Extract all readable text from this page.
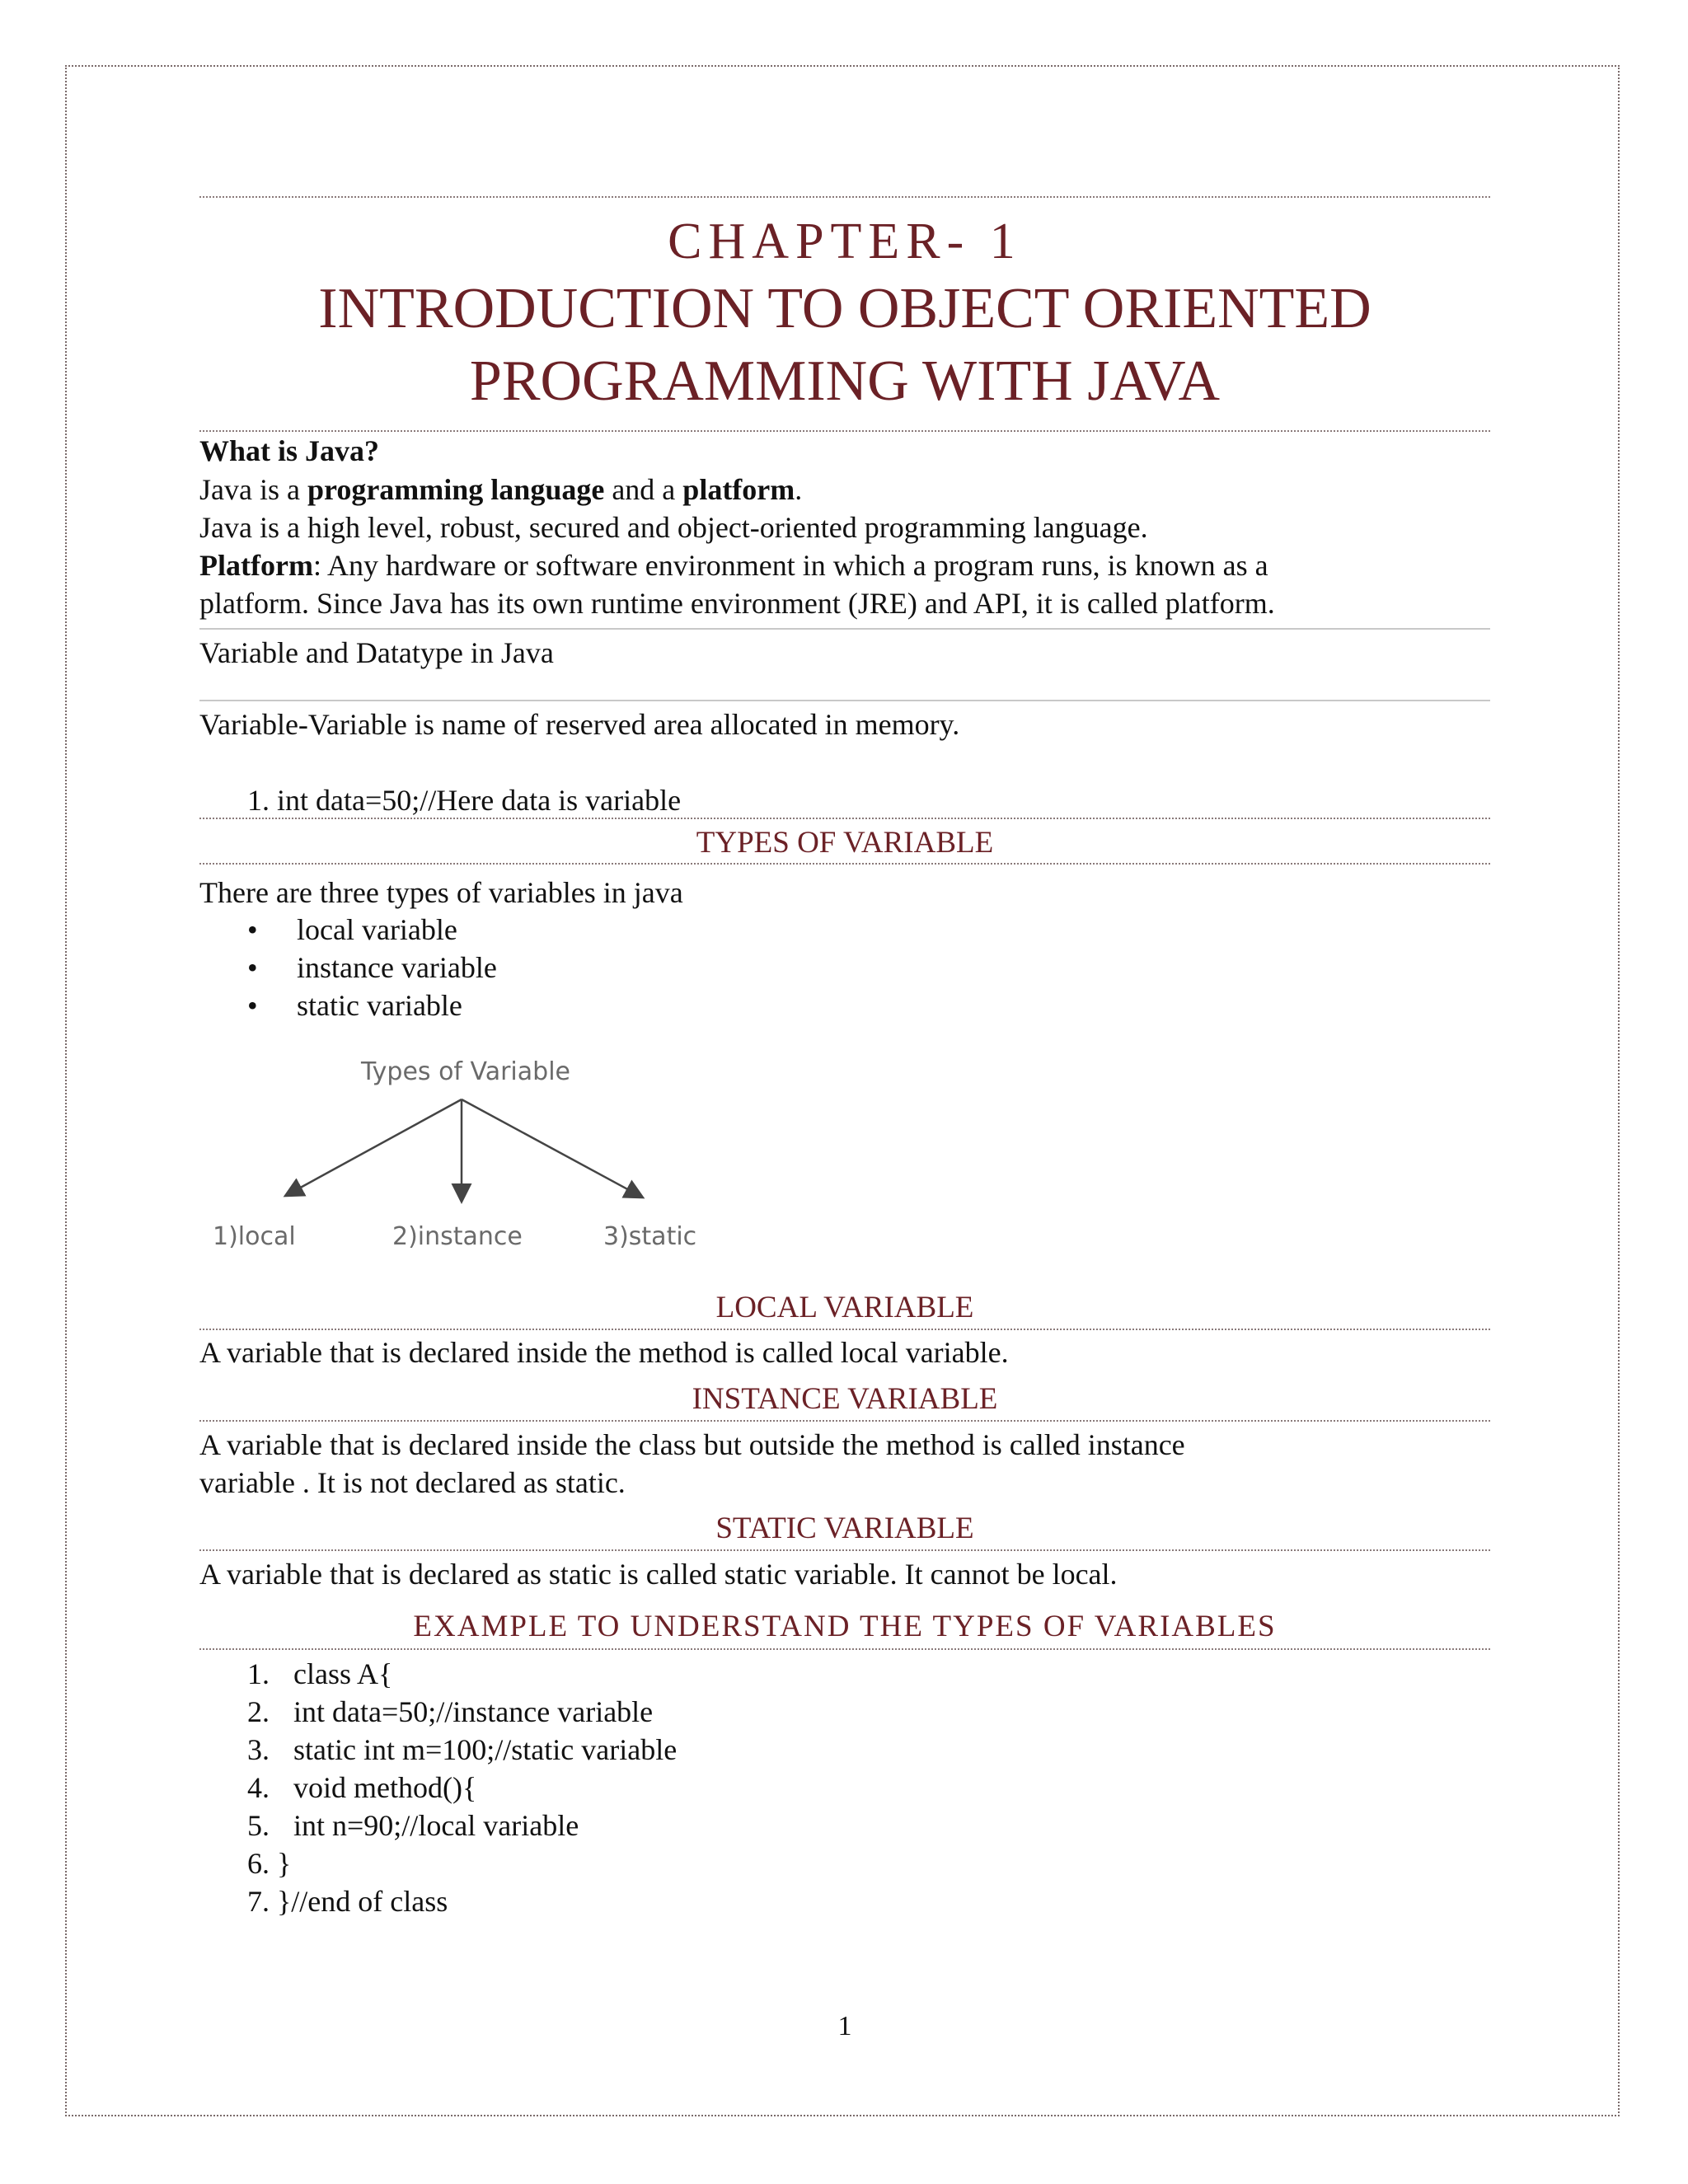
CHAPTER- 1
INTRODUCTION TO OBJECT ORIENTED
PROGRAMMING WITH JAVA
What is Java?
Java is a programming language and a platform.
Java is a high level, robust, secured and object-oriented programming language.
Platform: Any hardware or software environment in which a program runs, is known as a
platform. Since Java has its own runtime environment (JRE) and API, it is called platform.
Variable and Datatype in Java
Variable-Variable is name of reserved area allocated in memory.
1. int data=50;//Here data is variable
TYPES OF VARIABLE
There are three types of variables in java
• local variable
• instance variable
• static variable
Types of Variable
1)local	2)instance	3)static
LOCAL VARIABLE
A variable that is declared inside the method is called local variable.
INSTANCE VARIABLE
A variable that is declared inside the class but outside the method is called instance
variable . It is not declared as static.
STATIC VARIABLE
A variable that is declared as static is called static variable. It cannot be local.
EXAMPLE TO UNDERSTAND THE TYPES OF VARIABLES
1. class A{
2. int data=50;//instance variable
3. static int m=100;//static variable
4. void method(){
5. int n=90;//local variable
6. }
7. }//end of class
1
